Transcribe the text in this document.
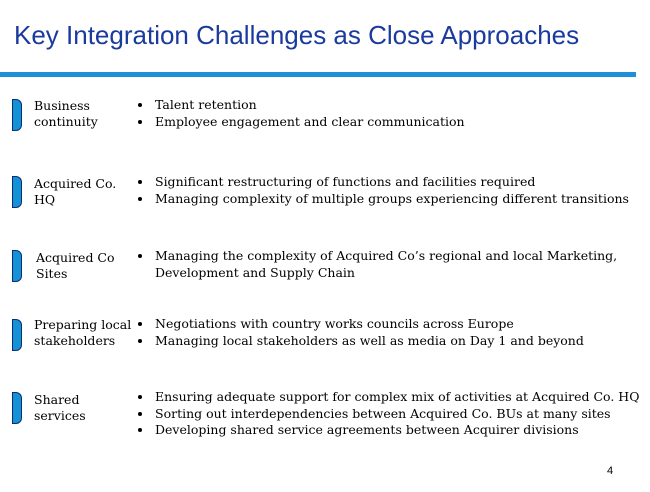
Key Integration Challenges as Close Approaches
Business
continuity
Talent retention
Employee engagement and clear communication
Acquired Co.
HQ
Significant restructuring of functions and facilities required
Managing complexity of multiple groups experiencing different transitions
Acquired Co
Sites
Managing the complexity of Acquired Co’s regional and local Marketing,
Development and Supply Chain
Preparing local
stakeholders
Negotiations with country works councils across Europe
Managing local stakeholders as well as media on Day 1 and beyond
Shared
services
Ensuring adequate support for complex mix of activities at Acquired Co. HQ
Sorting out interdependencies between Acquired Co. BUs at many sites
Developing shared service agreements between Acquirer divisions
4
